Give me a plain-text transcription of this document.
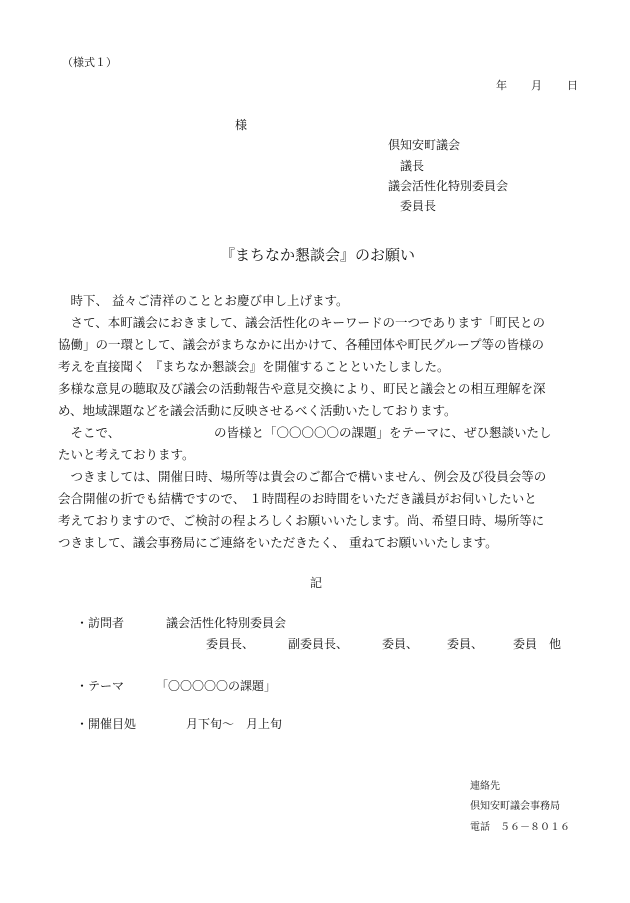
（様式１）
年 月 日
様
倶知安町議会
議長
議会活性化特別委員会
委員長
『まちなか懇談会』のお願い
　時下、 益々ご清祥のこととお慶び申し上げます。
　さて、本町議会におきまして、議会活性化のキーワードの一つであります「町民との
協働」の一環として、議会がまちなかに出かけて、各種団体や町民グループ等の皆様の
考えを直接聞く 『まちなか懇談会』を開催することといたしました。
多様な意見の聴取及び議会の活動報告や意見交換により、町民と議会との相互理解を深
め、地域課題などを議会活動に反映させるべく活動いたしております。
　そこで、　　　　　　　　の皆様と「〇〇〇〇〇の課題」をテーマに、ぜひ懇談いたし
たいと考えております。
　つきましては、開催日時、場所等は貴会のご都合で構いません、例会及び役員会等の
会合開催の折でも結構ですので、 １時間程のお時間をいただき議員がお伺いしたいと
考えておりますので、ご検討の程よろしくお願いいたします。尚、希望日時、場所等に
つきまして、議会事務局にご連絡をいただきたく、 重ねてお願いいたします。
記
・訪問者	議会活性化特別委員会
委員長、	副委員長、	委員、 委員、 委員　他
・テーマ	「〇〇〇〇〇の課題」
・開催目処	月下旬〜　月上旬
連絡先
倶知安町議会事務局
電話　５６－８０１６
